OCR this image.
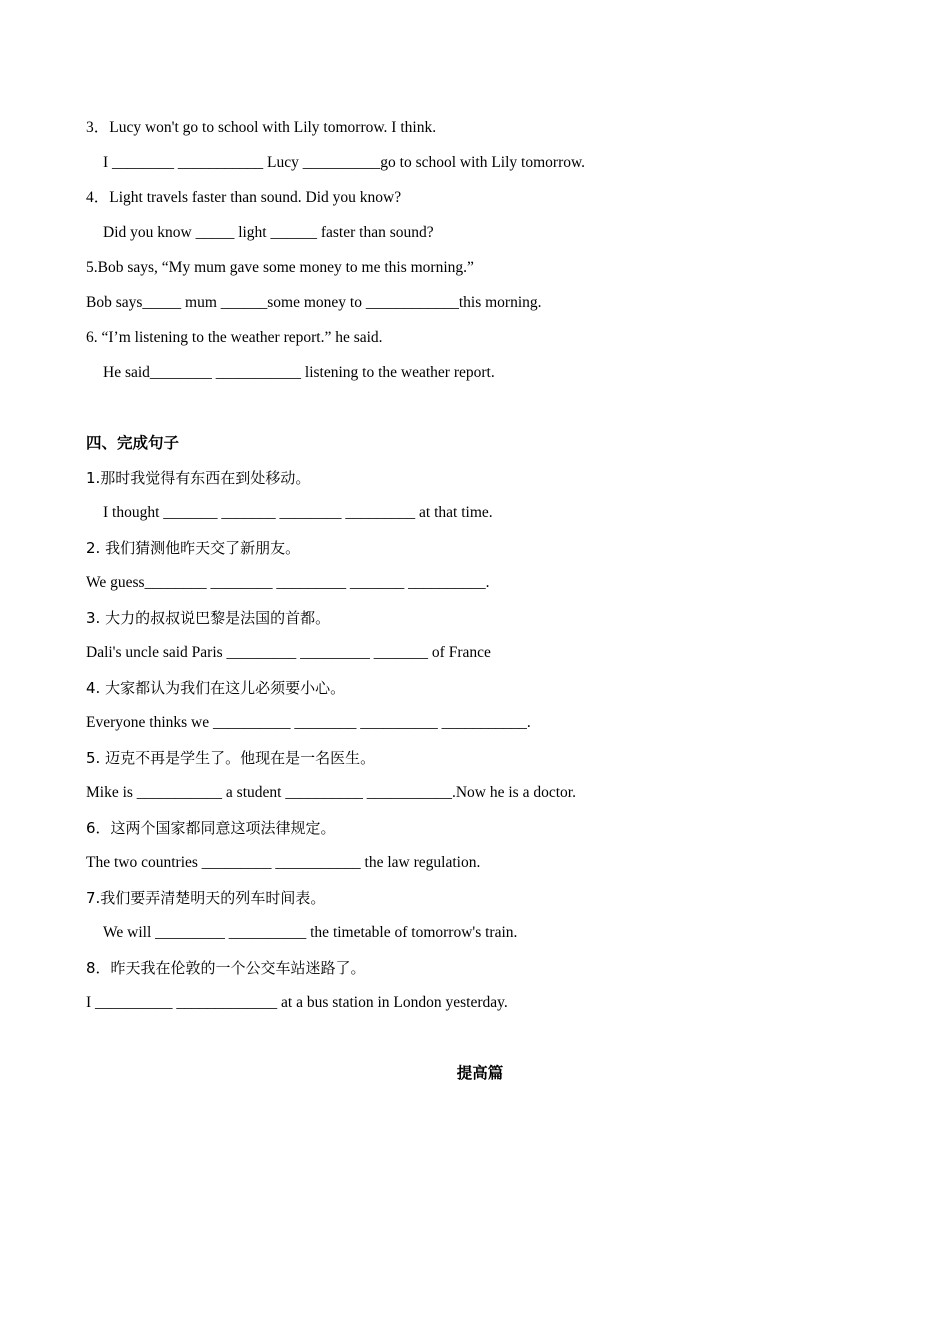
3．Lucy won't go to school with Lily tomorrow. I think.
I ________ ___________ Lucy __________go to school with Lily tomorrow.
4．Light travels faster than sound. Did you know?
Did you know _____ light ______ faster than sound?
5.Bob says, “My mum gave some money to me this morning.”
Bob says_____ mum ______some money to ____________this morning.
6. “I’m listening to the weather report.” he said.
He said________ ___________ listening to the weather report.
四、完成句子
1.那时我觉得有东西在到处移动。
I thought _______ _______ ________ _________ at that time.
2. 我们猜测他昨天交了新朋友。
We guess________ ________ _________ _______ __________.
3. 大力的叔叔说巴黎是法国的首都。
Dali's uncle said Paris _________ _________ _______ of France
4. 大家都认为我们在这儿必须要小心。
Everyone thinks we __________ ________ __________ ___________.
5. 迈克不再是学生了。他现在是一名医生。
Mike is ___________ a student __________ ___________.Now he is a doctor.
6．这两个国家都同意这项法律规定。
The two countries _________ ___________ the law regulation.
7.我们要弄清楚明天的列车时间表。
We will _________ __________ the timetable of tomorrow's train.
8．昨天我在伦敦的一个公交车站迷路了。
I __________ _____________ at a bus station in London yesterday.
提高篇
